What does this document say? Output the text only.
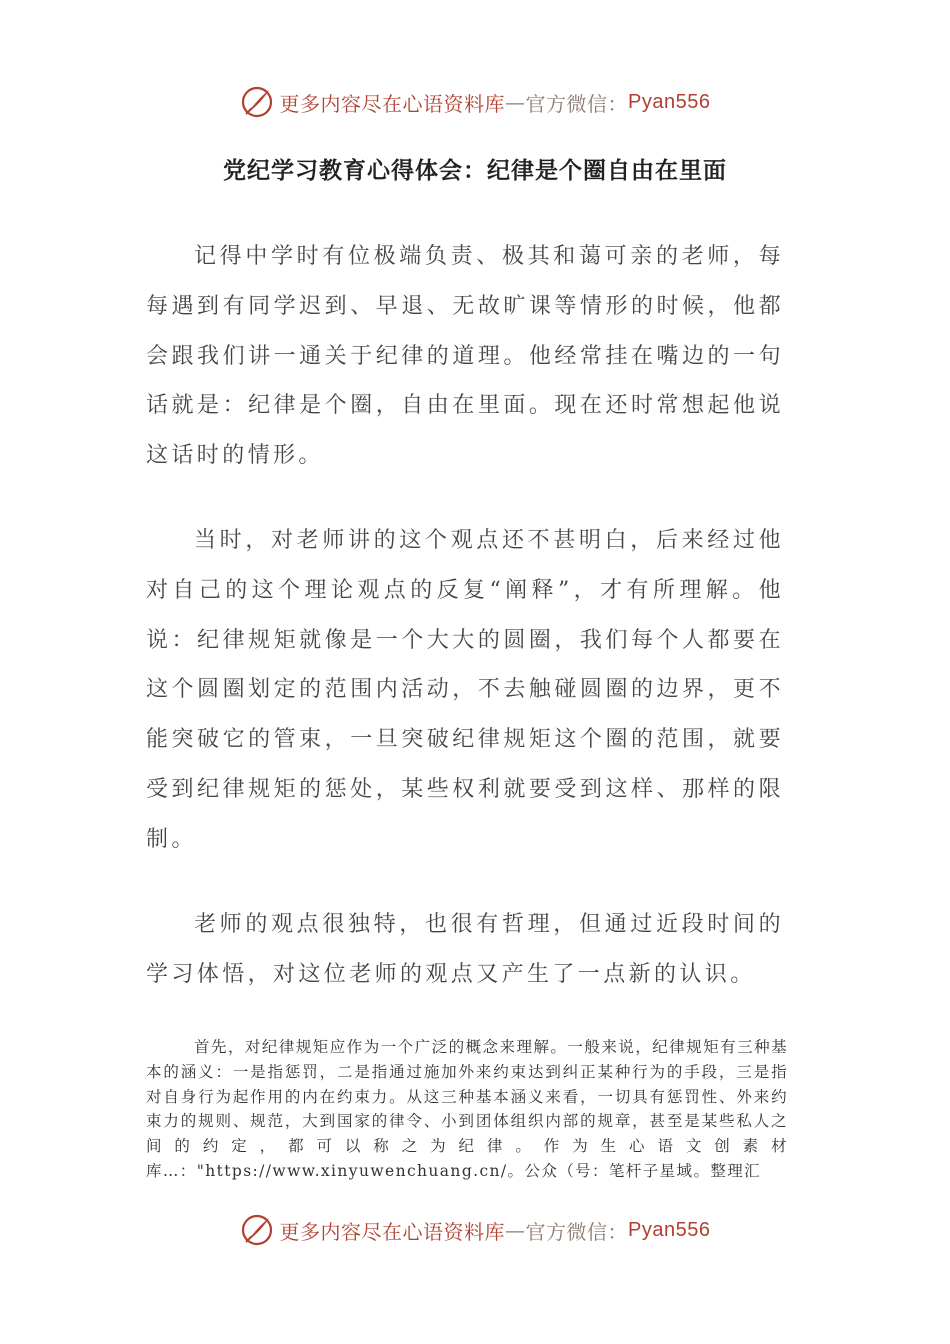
更多内容尽在心语资料库 — 官方微信： Pyan556
党纪学习教育心得体会：纪律是个圈自由在里面

记得中学时有位极端负责、极其和蔼可亲的老师，每每遇到有同学迟到、早退、无故旷课等情形的时候，他都会跟我们讲一通关于纪律的道理。他经常挂在嘴边的一句话就是：纪律是个圈，自由在里面。现在还时常想起他说这话时的情形。

当时，对老师讲的这个观点还不甚明白，后来经过他对自己的这个理论观点的反复“阐释”，才有所理解。他说：纪律规矩就像是一个大大的圆圈，我们每个人都要在这个圆圈划定的范围内活动，不去触碰圆圈的边界，更不能突破它的管束，一旦突破纪律规矩这个圈的范围，就要受到纪律规矩的惩处，某些权利就要受到这样、那样的限制。

老师的观点很独特，也很有哲理，但通过近段时间的学习体悟，对这位老师的观点又产生了一点新的认识。

首先，对纪律规矩应作为一个广泛的概念来理解。一般来说，纪律规矩有三种基本的涵义：一是指惩罚，二是指通过施加外来约束达到纠正某种行为的手段，三是指对自身行为起作用的内在约束力。从这三种基本涵义来看，一切具有惩罚性、外来约束力的规则、规范，大到国家的律令、小到团体组织内部的规章，甚至是某些私人之间的约定，都可以称之为纪律。作为生心语文创素材库…："https://www.xinyuwenchuang.cn/。公众（号：笔杆子星域。整理汇

更多内容尽在心语资料库 — 官方微信： Pyan556
